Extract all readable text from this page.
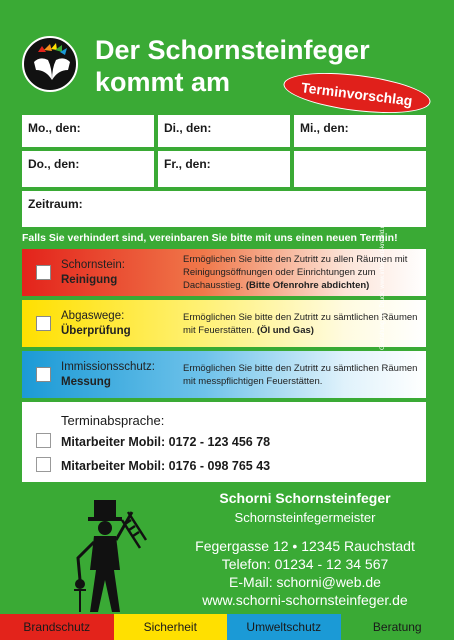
Der Schornsteinfeger
kommt am	Terminvorschlag
Mo., den:	Di., den:	Mi., den:
Do., den:	Fr., den:
Zeitraum:
Falls Sie verhindert sind, vereinbaren Sie bitte mit uns einen neuen Termin!
Schornstein:
Reinigung
Ermöglichen Sie bitte den Zutritt zu allen Räumen mit Reinigungsöffnungen oder Einrichtungen zum Dachausstieg. (Bitte Ofenrohre abdichten)
Abgaswege:
Überprüfung
Ermöglichen Sie bitte den Zutritt zu sämtlichen Räumen mit Feuerstätten. (Öl und Gas)
Immissionsschutz:
Messung
Ermöglichen Sie bitte den Zutritt zu sämtlichen Räumen mit messpflichtigen Feuerstätten.
Gestaltung und Druck: www.infoscard-krefeld.de
Terminabsprache:
Mitarbeiter Mobil: 0172 - 123 456 78
Mitarbeiter Mobil: 0176 - 098 765 43
Schorni Schornsteinfeger
Schornsteinfegermeister
Fegergasse 12 • 12345 Rauchstadt
Telefon: 01234 - 12 34 567
E-Mail: schorni@web.de
www.schorni-schornsteinfeger.de
Brandschutz	Sicherheit	Umweltschutz	Beratung
